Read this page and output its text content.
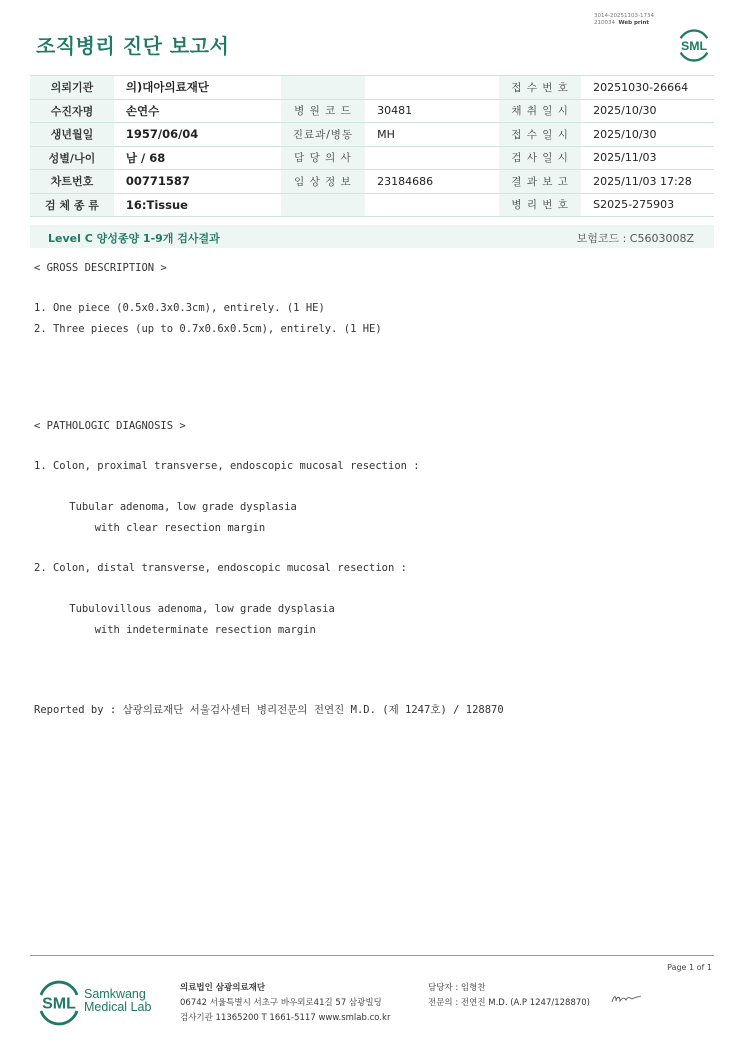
조직병리 진단 보고서
3014-20251103-1734
210034 Web print
SML
의뢰기관	의)대아의료재단			접 수 번 호	20251030-26664
수진자명	손연수	병 원 코 드	30481	채 취 일 시	2025/10/30
생년월일	1957/06/04	진료과/병동	MH	접 수 일 시	2025/10/30
성별/나이	남 / 68	담 당 의 사		검 사 일 시	2025/11/03
차트번호	00771587	임 상 정 보	23184686	결 과 보 고	2025/11/03 17:28
검 체 종 류	16:Tissue			병 리 번 호	S2025-275903
Level C 양성종양 1-9개 검사결과	보험코드 : C5603008Z
< GROSS DESCRIPTION >
1. One piece (0.5x0.3x0.3cm), entirely. (1 HE)
2. Three pieces (up to 0.7x0.6x0.5cm), entirely. (1 HE)
< PATHOLOGIC DIAGNOSIS >
1. Colon, proximal transverse, endoscopic mucosal resection :
Tubular adenoma, low grade dysplasia
with clear resection margin
2. Colon, distal transverse, endoscopic mucosal resection :
Tubulovillous adenoma, low grade dysplasia
with indeterminate resection margin
Reported by : 삼광의료재단 서울검사센터 병리전문의 전연진 M.D. (제 1247호) / 128870
Page 1 of 1
SML
Samkwang
Medical Lab
의료법인 삼광의료재단
06742 서울특별시 서초구 바우뫼로41길 57 삼광빌딩
검사기관 11365200 T 1661-5117 www.smlab.co.kr
담당자 : 임형찬
전문의 : 전연진 M.D. (A.P 1247/128870)
